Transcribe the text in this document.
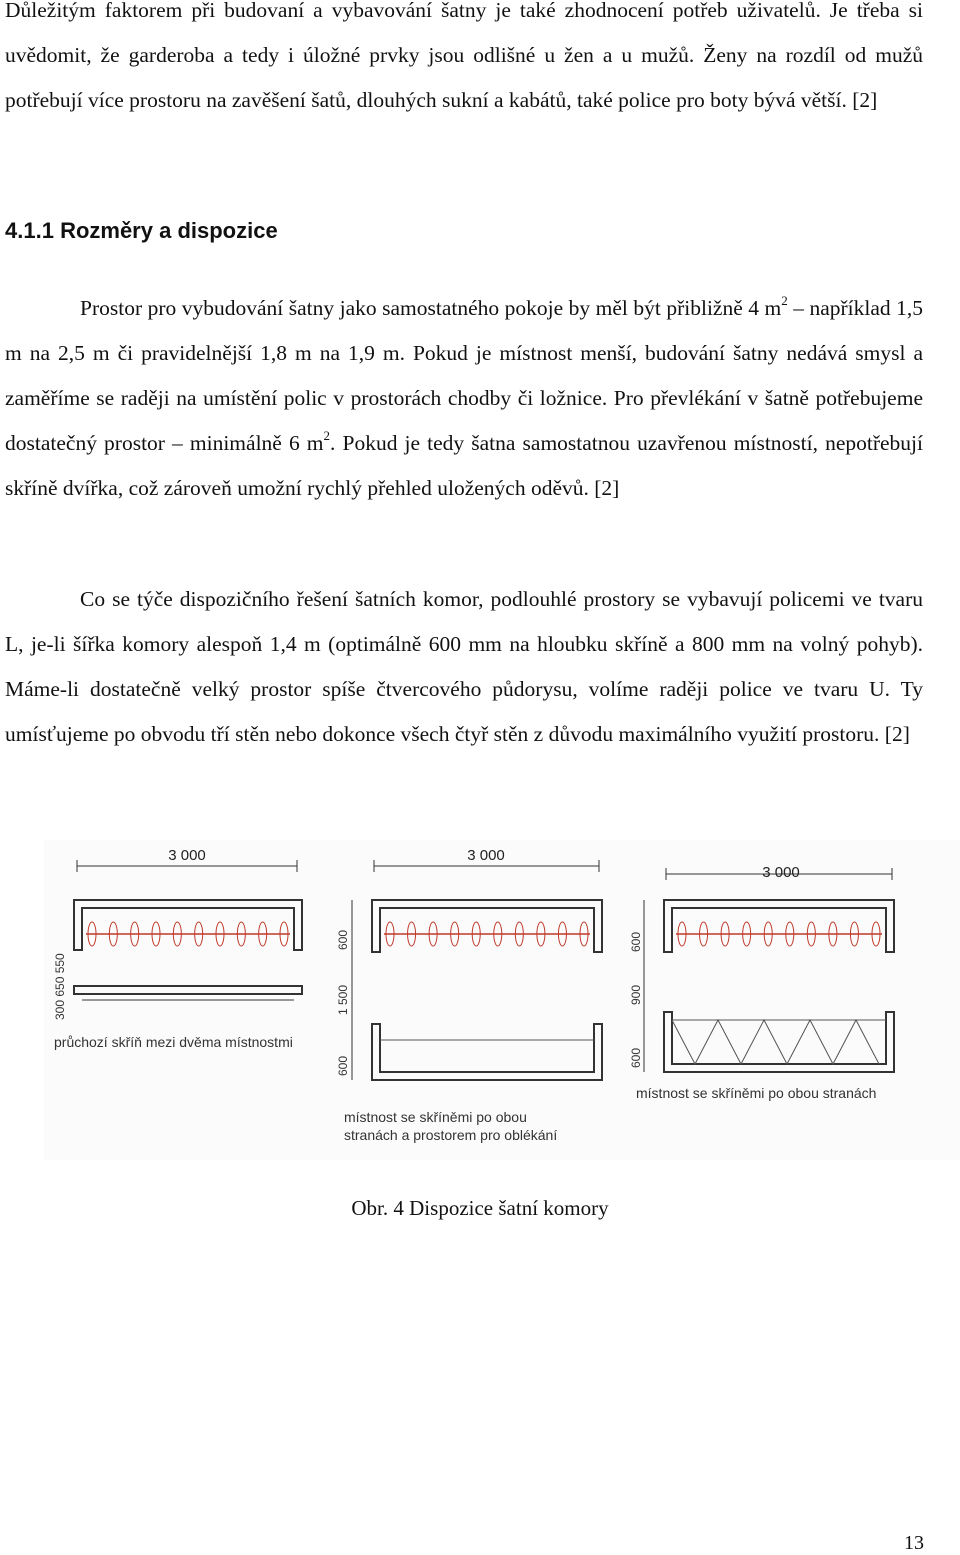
Důležitým faktorem při budovaní a vybavování šatny je také zhodnocení potřeb uživatelů. Je třeba si uvědomit, že garderoba a tedy i úložné prvky jsou odlišné u žen a u mužů. Ženy na rozdíl od mužů potřebují více prostoru na zavěšení šatů, dlouhých sukní a kabátů, také police pro boty bývá větší. [2]

4.1.1 Rozměry a dispozice

Prostor pro vybudování šatny jako samostatného pokoje by měl být přibližně 4 $m^2$ – například 1,5 m na 2,5 m či pravidelnější 1,8 m na 1,9 m. Pokud je místnost menší, budování šatny nedává smysl a zaměříme se raději na umístění polic v prostorách chodby či ložnice. Pro převlékání v šatně potřebujeme dostatečný prostor – minimálně 6 $m^2$. Pokud je tedy šatna samostatnou uzavřenou místností, nepotřebují skříně dvířka, což zároveň umožní rychlý přehled uložených oděvů. [2]

Co se týče dispozičního řešení šatních komor, podlouhlé prostory se vybavují policemi ve tvaru L, je-li šířka komory alespoň 1,4 m (optimálně 600 mm na hloubku skříně a 800 mm na volný pohyb). Máme-li dostatečně velký prostor spíše čtvercového půdorysu, volíme raději police ve tvaru U. Ty umísťujeme po obvodu tří stěn nebo dokonce všech čtyř stěn z důvodu maximálního využití prostoru. [2]

3 000
300 650 550
průchozí skříň mezi dvěma místnostmi
3 000
600
1 500
600
místnost se skříněmi po obou
stranách a prostorem pro oblékání
3 000
600
900
600
místnost se skříněmi po obou stranách

Obr. 4 Dispozice šatní komory

13
